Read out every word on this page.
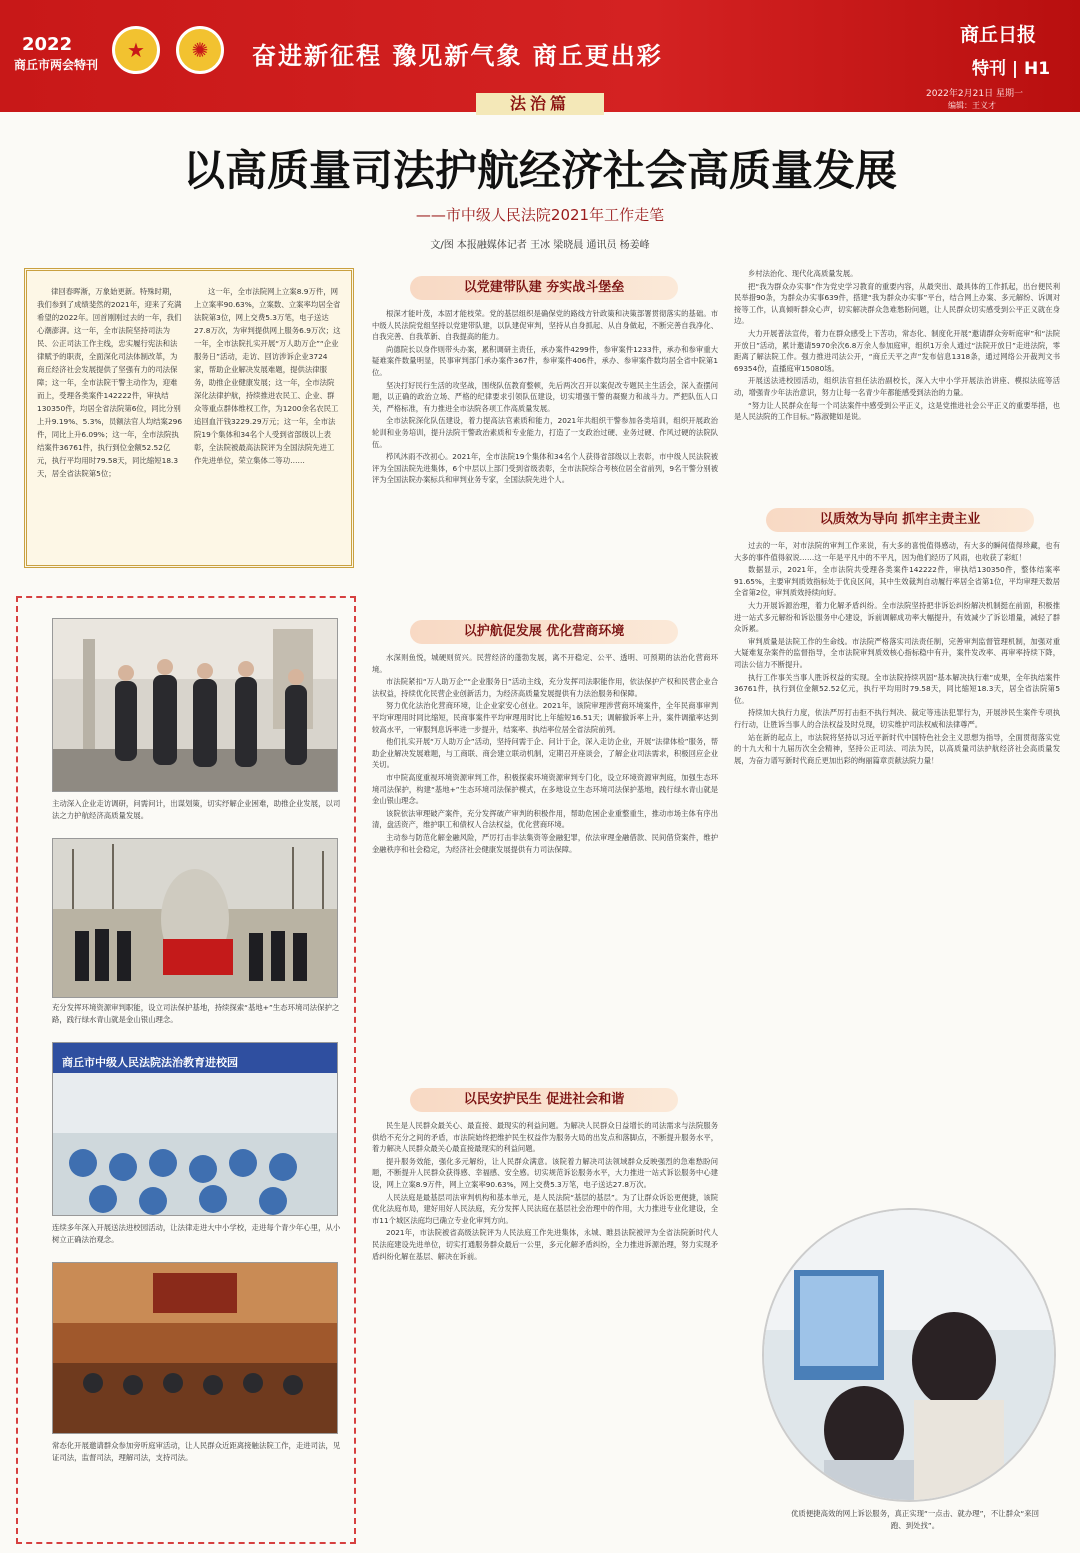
2022
商丘市两会特刊
★	✺	奋进新征程 豫见新气象 商丘更出彩
商丘日报
特刊 | H1
2022年2月21日 星期一
编辑：王义才
法治篇
以高质量司法护航经济社会高质量发展
——市中级人民法院2021年工作走笔
文/图 本报融媒体记者 王冰 梁晓晨 通讯员 杨姜峰
律回春晖渐，万象始更新。特殊时期，我们参到了成绩斐然的2021年，迎来了充满希望的2022年。回首刚刚过去的一年，我们心潮澎湃。这一年，全市法院坚持司法为民、公正司法工作主线，忠实履行宪法和法律赋予的职责，全面深化司法体制改革，为商丘经济社会发展提供了坚强有力的司法保障；这一年，全市法院干警主动作为，迎难而上，受理各类案件142222件，审执结130350件，均居全省法院第6位，同比分别上升9.19%、5.3%，员额法官人均结案296件，同比上升6.09%；这一年，全市法院执结案件36761件，执行到位金额52.52亿元，执行平均用时79.58天，同比缩短18.3天，居全省法院第5位；
这一年，全市法院网上立案8.9万件，网上立案率90.63%，立案数、立案率均居全省法院第3位，网上交费5.3万笔，电子送达27.8万次，为审判提供网上服务6.9万次；这一年，全市法院扎实开展“万人助万企”“企业服务日”活动，走访、回访涉诉企业3724家，帮助企业解决发展难题，提供法律服务，助推企业健康发展；这一年，全市法院深化法律护航，持续推进农民工、企业、群众等重点群体维权工作，为1200余名农民工追回血汗钱3229.29万元；这一年，全市法院19个集体和34名个人受到省部级以上表彰，全法院被最高法院评为全国法院先进工作先进单位，荣立集体二等功……
主动深入企业走访调研，问需问计，出谋划策，切实纾解企业困难，助推企业发展，以司法之力护航经济高质量发展。
充分发挥环境资源审判职能，设立司法保护基地，持续探索“基地+”生态环境司法保护之路，践行绿水青山就是金山银山理念。
商丘市中级人民法院法治教育进校园
连续多年深入开展送法进校园活动，让法律走进大中小学校，走进每个青少年心里，从小树立正确法治观念。
常态化开展邀请群众参加旁听庭审活动，让人民群众近距离接触法院工作，走进司法，见证司法，监督司法，理解司法，支持司法。
以党建带队建 夯实战斗堡垒

根深才能叶茂，本固才能枝荣。党的基层组织是确保党的路线方针政策和决策部署贯彻落实的基础。市中级人民法院党组坚持以党建带队建，以队建促审判，坚持从自身抓起、从自身做起，不断完善自我净化、自我完善、自我革新、自我提高的能力。

尚德院长以身作则带头办案，累积调研主责任，承办案件4299件，参审案件1233件，承办和参审重大疑难案件数量明显，民事审判部门承办案件367件，参审案件406件，承办、参审案件数均居全省中院第1位。

坚决打好民行生活的攻坚战，围绕队伍教育整顿，先后两次召开以案促改专题民主生活会，深入查摆问题，以正确的政治立场、严格的纪律要求引领队伍建设，切实增强干警的凝聚力和战斗力。严把队伍人口关，严格标准，有力推进全市法院各项工作高质量发展。

全市法院深化队伍建设，着力提高法官素质和能力，2021年共组织干警参加各类培训，组织开展政治轮训和业务培训，提升法院干警政治素质和专业能力，打造了一支政治过硬、业务过硬、作风过硬的法院队伍。

栉风沐雨不改初心。2021年，全市法院19个集体和34名个人获得省部级以上表彰，市中级人民法院被评为全国法院先进集体，6个中层以上部门受到省级表彰，全市法院综合考核位居全省前列，9名干警分别被评为全国法院办案标兵和审判业务专家，全国法院先进个人。

以护航促发展 优化营商环境

水深则鱼悦，城硬则贸兴。民营经济的蓬勃发展，离不开稳定、公平、透明、可预期的法治化营商环境。

市法院紧扣“万人助万企”“企业服务日”活动主线，充分发挥司法职能作用，依法保护产权和民营企业合法权益，持续优化民营企业创新活力，为经济高质量发展提供有力法治服务和保障。

努力优化法治化营商环境，让企业家安心创业。2021年，该院审理涉营商环境案件，全年民商事审判平均审理用时同比缩短，民商事案件平均审理用时比上年缩短16.51天；调解撤诉率上升，案件调撤率达到较高水平，一审服判息诉率进一步提升，结案率、执结率位居全省法院前列。

他们扎实开展“万人助万企”活动，坚持问需于企、问计于企，深入走访企业，开展“法律体检”服务，帮助企业解决发展难题，与工商联、商会建立联动机制，定期召开座谈会，了解企业司法需求，积极回应企业关切。

市中院高度重视环境资源审判工作，积极探索环境资源审判专门化，设立环境资源审判庭，加强生态环境司法保护，构建“基地+”生态环境司法保护模式，在多地设立生态环境司法保护基地，践行绿水青山就是金山银山理念。

该院依法审理破产案件，充分发挥破产审判的积极作用，帮助危困企业重整重生，推动市场主体有序出清，盘活资产，维护职工和债权人合法权益，优化营商环境。

主动参与防范化解金融风险，严厉打击非法集资等金融犯罪，依法审理金融借款、民间借贷案件，维护金融秩序和社会稳定，为经济社会健康发展提供有力司法保障。

以民安护民生 促进社会和谐

民生是人民群众最关心、最直接、最现实的利益问题。为解决人民群众日益增长的司法需求与法院服务供给不充分之间的矛盾，市法院始终把维护民生权益作为服务大局的出发点和落脚点，不断提升服务水平，着力解决人民群众最关心最直接最现实的利益问题。

提升服务效能，强化多元解纷，让人民群众满意。该院着力解决司法领域群众反映强烈的急难愁盼问题，不断提升人民群众获得感、幸福感、安全感。切实规范诉讼服务水平，大力推进一站式诉讼服务中心建设，网上立案8.9万件，网上立案率90.63%，网上交费5.3万笔，电子送达27.8万次。

人民法庭是最基层司法审判机构和基本单元，是人民法院“基层的基层”。为了让群众诉讼更便捷，该院优化法庭布局，建好用好人民法庭，充分发挥人民法庭在基层社会治理中的作用，大力推进专业化建设，全市11个城区法庭均已确立专业化审判方向。

2021年，市法院被省高级法院评为人民法庭工作先进集体，永城、睢县法院被评为全省法院新时代人民法庭建设先进单位，切实打通服务群众最后一公里，多元化解矛盾纠纷，全力推进诉源治理，努力实现矛盾纠纷化解在基层、解决在诉前。

乡村法治化、现代化高质量发展。

把“我为群众办实事”作为党史学习教育的重要内容，从最突出、最具体的工作抓起，出台便民利民举措90条，为群众办实事639件，搭建“我为群众办实事”平台，结合网上办案、多元解纷、诉调对接等工作，认真倾听群众心声，切实解决群众急难愁盼问题，让人民群众切实感受到公平正义就在身边。

大力开展普法宣传，着力在群众感受上下苦功，常态化、制度化开展“邀请群众旁听庭审”和“法院开放日”活动，累计邀请5970余次6.8万余人参加庭审，组织1万余人通过“法院开放日”走进法院，零距离了解法院工作。强力推进司法公开，“商丘天平之声”发布信息1318条，通过网络公开裁判文书69354份，直播庭审15080场。

开展送法进校园活动，组织法官担任法治副校长，深入大中小学开展法治讲座、模拟法庭等活动，增强青少年法治意识，努力让每一名青少年都能感受到法治的力量。

“努力让人民群众在每一个司法案件中感受到公平正义，这是党推进社会公平正义的重要举措，也是人民法院的工作目标。”陈淑健如是说。

以质效为导向 抓牢主责主业

过去的一年，对市法院的审判工作来说，有大多的喜悦值得感动，有大多的瞬间值得珍藏，也有大多的事件值得叙说……这一年是平凡中的不平凡，因为他们经历了风雨，也收获了彩虹！

数据显示，2021年，全市法院共受理各类案件142222件，审执结130350件，整体结案率91.65%，主要审判质效指标处于优良区间，其中生效裁判自动履行率居全省第1位，平均审理天数居全省第2位，审判质效持续向好。

大力开展诉源治理，着力化解矛盾纠纷。全市法院坚持把非诉讼纠纷解决机制挺在前面，积极推进一站式多元解纷和诉讼服务中心建设，诉前调解成功率大幅提升，有效减少了诉讼增量，减轻了群众诉累。

审判质量是法院工作的生命线。市法院严格落实司法责任制，完善审判监督管理机制，加强对重大疑难复杂案件的监督指导，全市法院审判质效核心指标稳中有升，案件发改率、再审率持续下降，司法公信力不断提升。

执行工作事关当事人胜诉权益的实现。全市法院持续巩固“基本解决执行难”成果，全年执结案件36761件，执行到位金额52.52亿元，执行平均用时79.58天，同比缩短18.3天，居全省法院第5位。

持续加大执行力度，依法严厉打击拒不执行判决、裁定等违法犯罪行为，开展涉民生案件专项执行行动，让胜诉当事人的合法权益及时兑现，切实维护司法权威和法律尊严。

站在新的起点上，市法院将坚持以习近平新时代中国特色社会主义思想为指导，全面贯彻落实党的十九大和十九届历次全会精神，坚持公正司法、司法为民，以高质量司法护航经济社会高质量发展，为奋力谱写新时代商丘更加出彩的绚丽篇章贡献法院力量！

优质便捷高效的网上诉讼服务，真正实现“一点击、就办理”，不让群众“来回跑、到处找”。
